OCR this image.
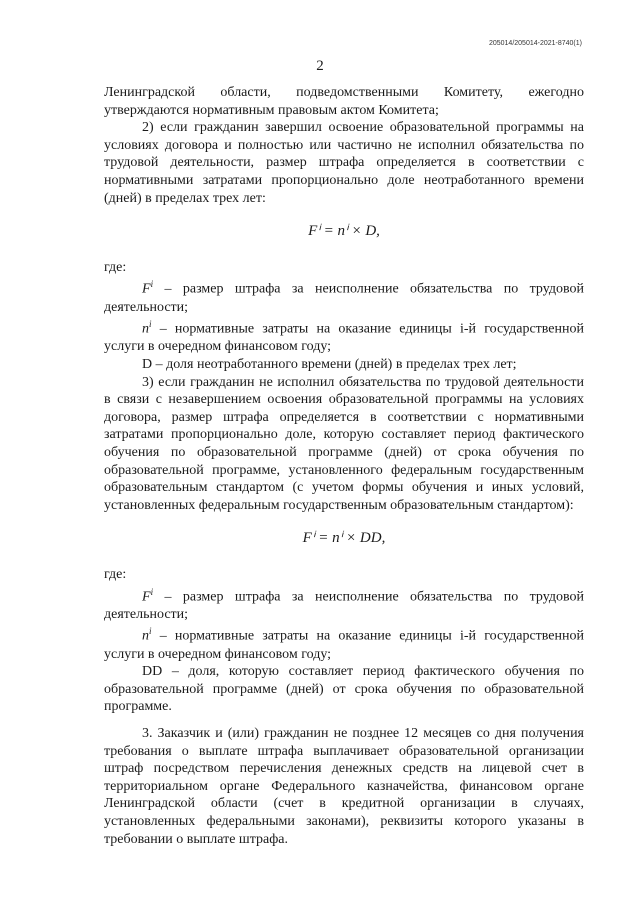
205014/205014-2021-8740(1)
2

Ленинградской области, подведомственными Комитету, ежегодно утверждаются нормативным правовым актом Комитета;

2) если гражданин завершил освоение образовательной программы на условиях договора и полностью или частично не исполнил обязательства по трудовой деятельности, размер штрафа определяется в соответствии с нормативными затратами пропорционально доле неотработанного времени (дней) в пределах трех лет:

Fⁱ = nⁱ × D,

где:

$F^i$ – размер штрафа за неисполнение обязательства по трудовой деятельности;

$n^i$ – нормативные затраты на оказание единицы i-й государственной услуги в очередном финансовом году;

D – доля неотработанного времени (дней) в пределах трех лет;

3) если гражданин не исполнил обязательства по трудовой деятельности в связи с незавершением освоения образовательной программы на условиях договора, размер штрафа определяется в соответствии с нормативными затратами пропорционально доле, которую составляет период фактического обучения по образовательной программе (дней) от срока обучения по образовательной программе, установленного федеральным государственным образовательным стандартом (с учетом формы обучения и иных условий, установленных федеральным государственным образовательным стандартом):

Fⁱ = nⁱ × DD,

где:

$F^i$ – размер штрафа за неисполнение обязательства по трудовой деятельности;

$n^i$ – нормативные затраты на оказание единицы i-й государственной услуги в очередном финансовом году;

DD – доля, которую составляет период фактического обучения по образовательной программе (дней) от срока обучения по образовательной программе.

3. Заказчик и (или) гражданин не позднее 12 месяцев со дня получения требования о выплате штрафа выплачивает образовательной организации штраф посредством перечисления денежных средств на лицевой счет в территориальном органе Федерального казначейства, финансовом органе Ленинградской области (счет в кредитной организации в случаях, установленных федеральными законами), реквизиты которого указаны в требовании о выплате штрафа.
